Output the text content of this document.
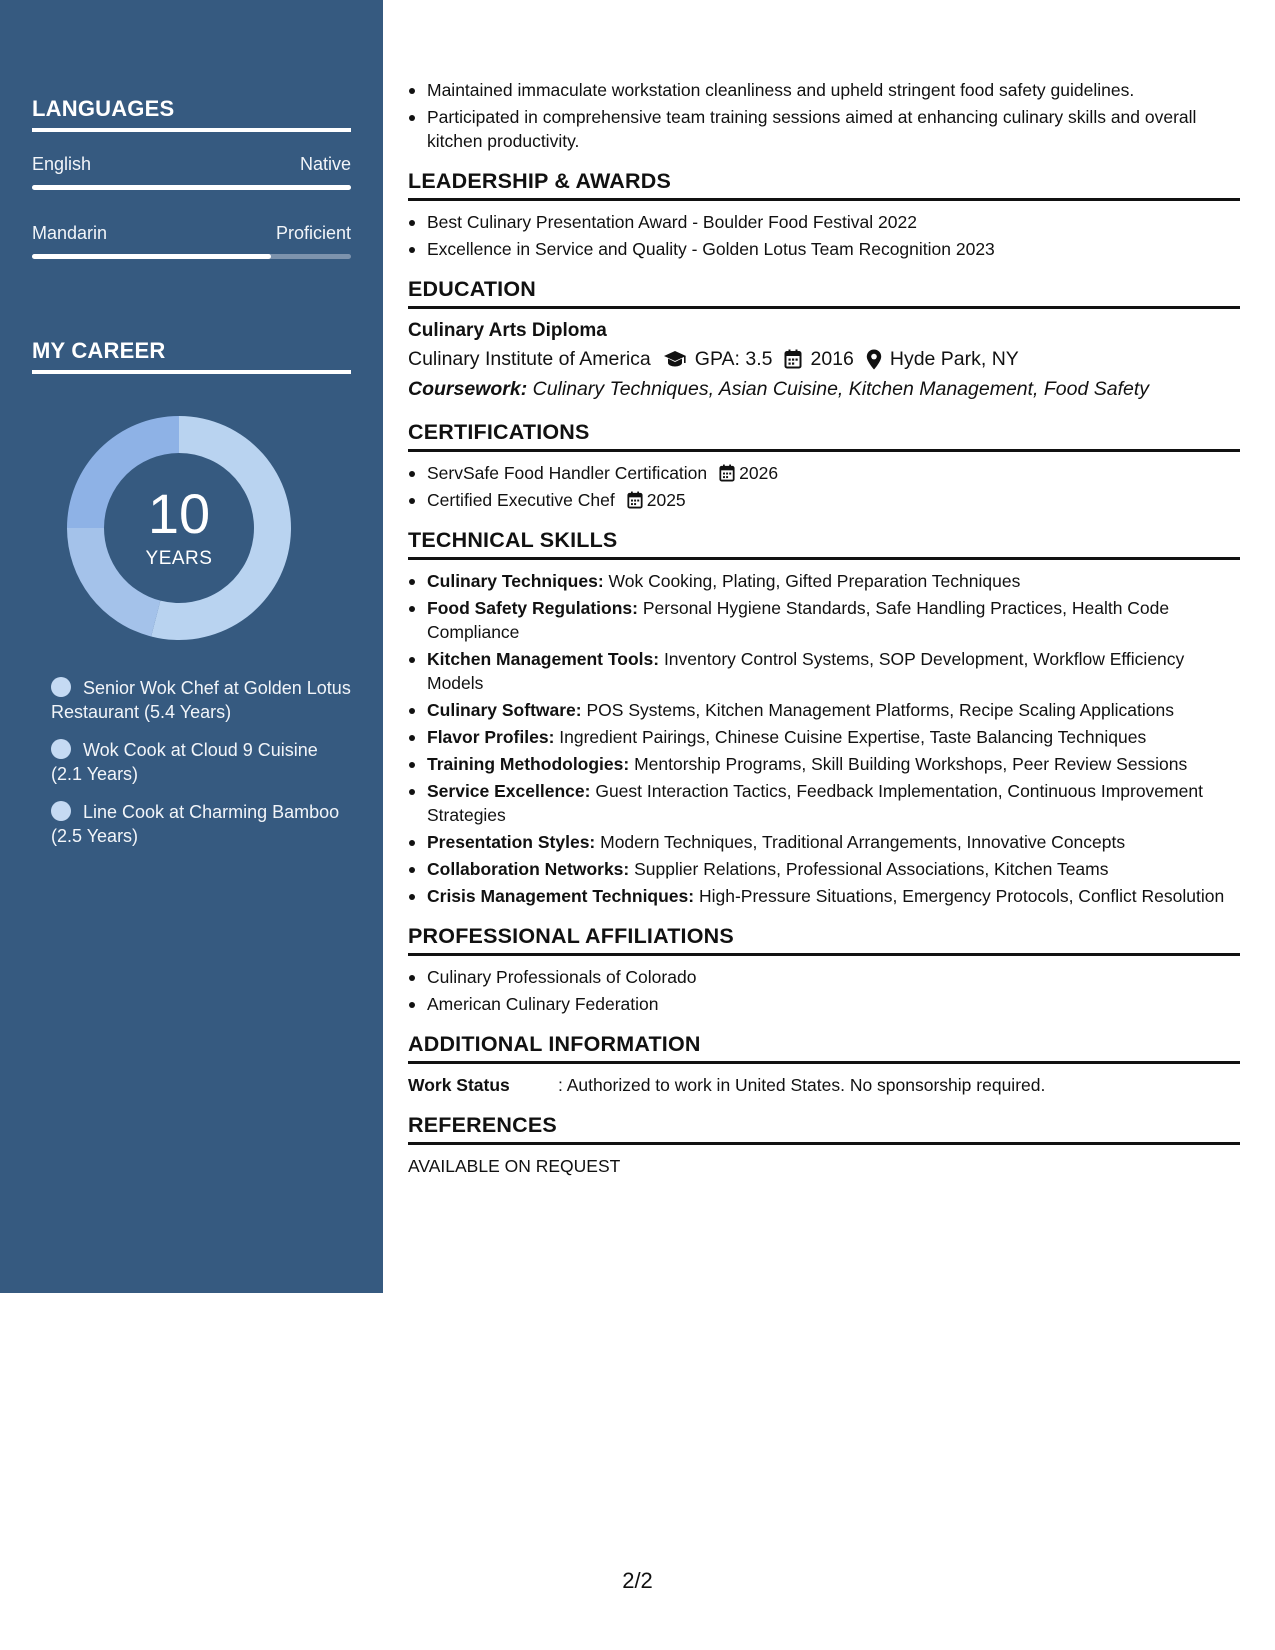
LANGUAGES
English	Native
Mandarin	Proficient
MY CAREER
10
YEARS
Senior Wok Chef at Golden Lotus Restaurant (5.4 Years)
Wok Cook at Cloud 9 Cuisine (2.1 Years)
Line Cook at Charming Bamboo (2.5 Years)
Maintained immaculate workstation cleanliness and upheld stringent food safety guidelines.
Participated in comprehensive team training sessions aimed at enhancing culinary skills and overall kitchen productivity.
LEADERSHIP & AWARDS
Best Culinary Presentation Award - Boulder Food Festival 2022
Excellence in Service and Quality - Golden Lotus Team Recognition 2023
EDUCATION
Culinary Arts Diploma
Culinary Institute of America GPA: 3.5 2016 Hyde Park, NY
Coursework: Culinary Techniques, Asian Cuisine, Kitchen Management, Food Safety
CERTIFICATIONS
ServSafe Food Handler Certification 2026
Certified Executive Chef 2025
TECHNICAL SKILLS
Culinary Techniques: Wok Cooking, Plating, Gifted Preparation Techniques
Food Safety Regulations: Personal Hygiene Standards, Safe Handling Practices, Health Code Compliance
Kitchen Management Tools: Inventory Control Systems, SOP Development, Workflow Efficiency Models
Culinary Software: POS Systems, Kitchen Management Platforms, Recipe Scaling Applications
Flavor Profiles: Ingredient Pairings, Chinese Cuisine Expertise, Taste Balancing Techniques
Training Methodologies: Mentorship Programs, Skill Building Workshops, Peer Review Sessions
Service Excellence: Guest Interaction Tactics, Feedback Implementation, Continuous Improvement Strategies
Presentation Styles: Modern Techniques, Traditional Arrangements, Innovative Concepts
Collaboration Networks: Supplier Relations, Professional Associations, Kitchen Teams
Crisis Management Techniques: High-Pressure Situations, Emergency Protocols, Conflict Resolution
PROFESSIONAL AFFILIATIONS
Culinary Professionals of Colorado
American Culinary Federation
ADDITIONAL INFORMATION
Work Status	: Authorized to work in United States. No sponsorship required.
REFERENCES
AVAILABLE ON REQUEST
2/2
